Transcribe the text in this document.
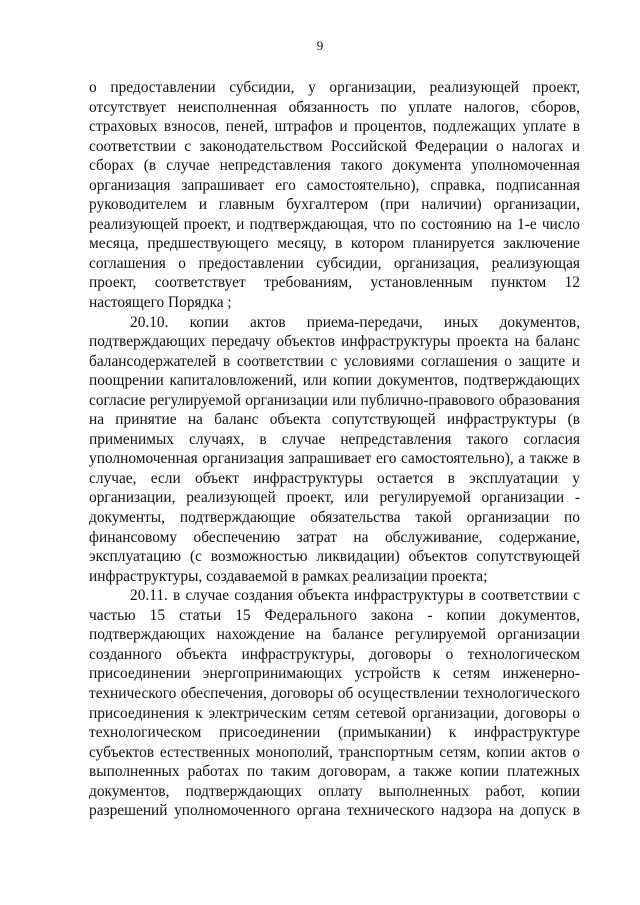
9

о предоставлении субсидии, у организации, реализующей проект,
отсутствует неисполненная обязанность по уплате налогов, сборов,
страховых взносов, пеней, штрафов и процентов, подлежащих уплате в
соответствии с законодательством Российской Федерации о налогах и
сборах (в случае непредставления такого документа уполномоченная
организация запрашивает его самостоятельно), справка, подписанная
руководителем и главным бухгалтером (при наличии) организации,
реализующей проект, и подтверждающая, что по состоянию на 1-е число
месяца, предшествующего месяцу, в котором планируется заключение
соглашения о предоставлении субсидии, организация, реализующая
проект, соответствует требованиям, установленным пунктом 12
настоящего Порядка ;

20.10. копии актов приема-передачи, иных документов,
подтверждающих передачу объектов инфраструктуры проекта на баланс
балансодержателей в соответствии с условиями соглашения о защите и
поощрении капиталовложений, или копии документов, подтверждающих
согласие регулируемой организации или публично-правового образования
на принятие на баланс объекта сопутствующей инфраструктуры (в
применимых случаях, в случае непредставления такого согласия
уполномоченная организация запрашивает его самостоятельно), а также в
случае, если объект инфраструктуры остается в эксплуатации у
организации, реализующей проект, или регулируемой организации -
документы, подтверждающие обязательства такой организации по
финансовому обеспечению затрат на обслуживание, содержание,
эксплуатацию (с возможностью ликвидации) объектов сопутствующей
инфраструктуры, создаваемой в рамках реализации проекта;

20.11. в случае создания объекта инфраструктуры в соответствии с
частью 15 статьи 15 Федерального закона - копии документов,
подтверждающих нахождение на балансе регулируемой организации
созданного объекта инфраструктуры, договоры о технологическом
присоединении энергопринимающих устройств к сетям инженерно-
технического обеспечения, договоры об осуществлении технологического
присоединения к электрическим сетям сетевой организации, договоры о
технологическом присоединении (примыкании) к инфраструктуре
субъектов естественных монополий, транспортным сетям, копии актов о
выполненных работах по таким договорам, а также копии платежных
документов, подтверждающих оплату выполненных работ, копии
разрешений уполномоченного органа технического надзора на допуск в
